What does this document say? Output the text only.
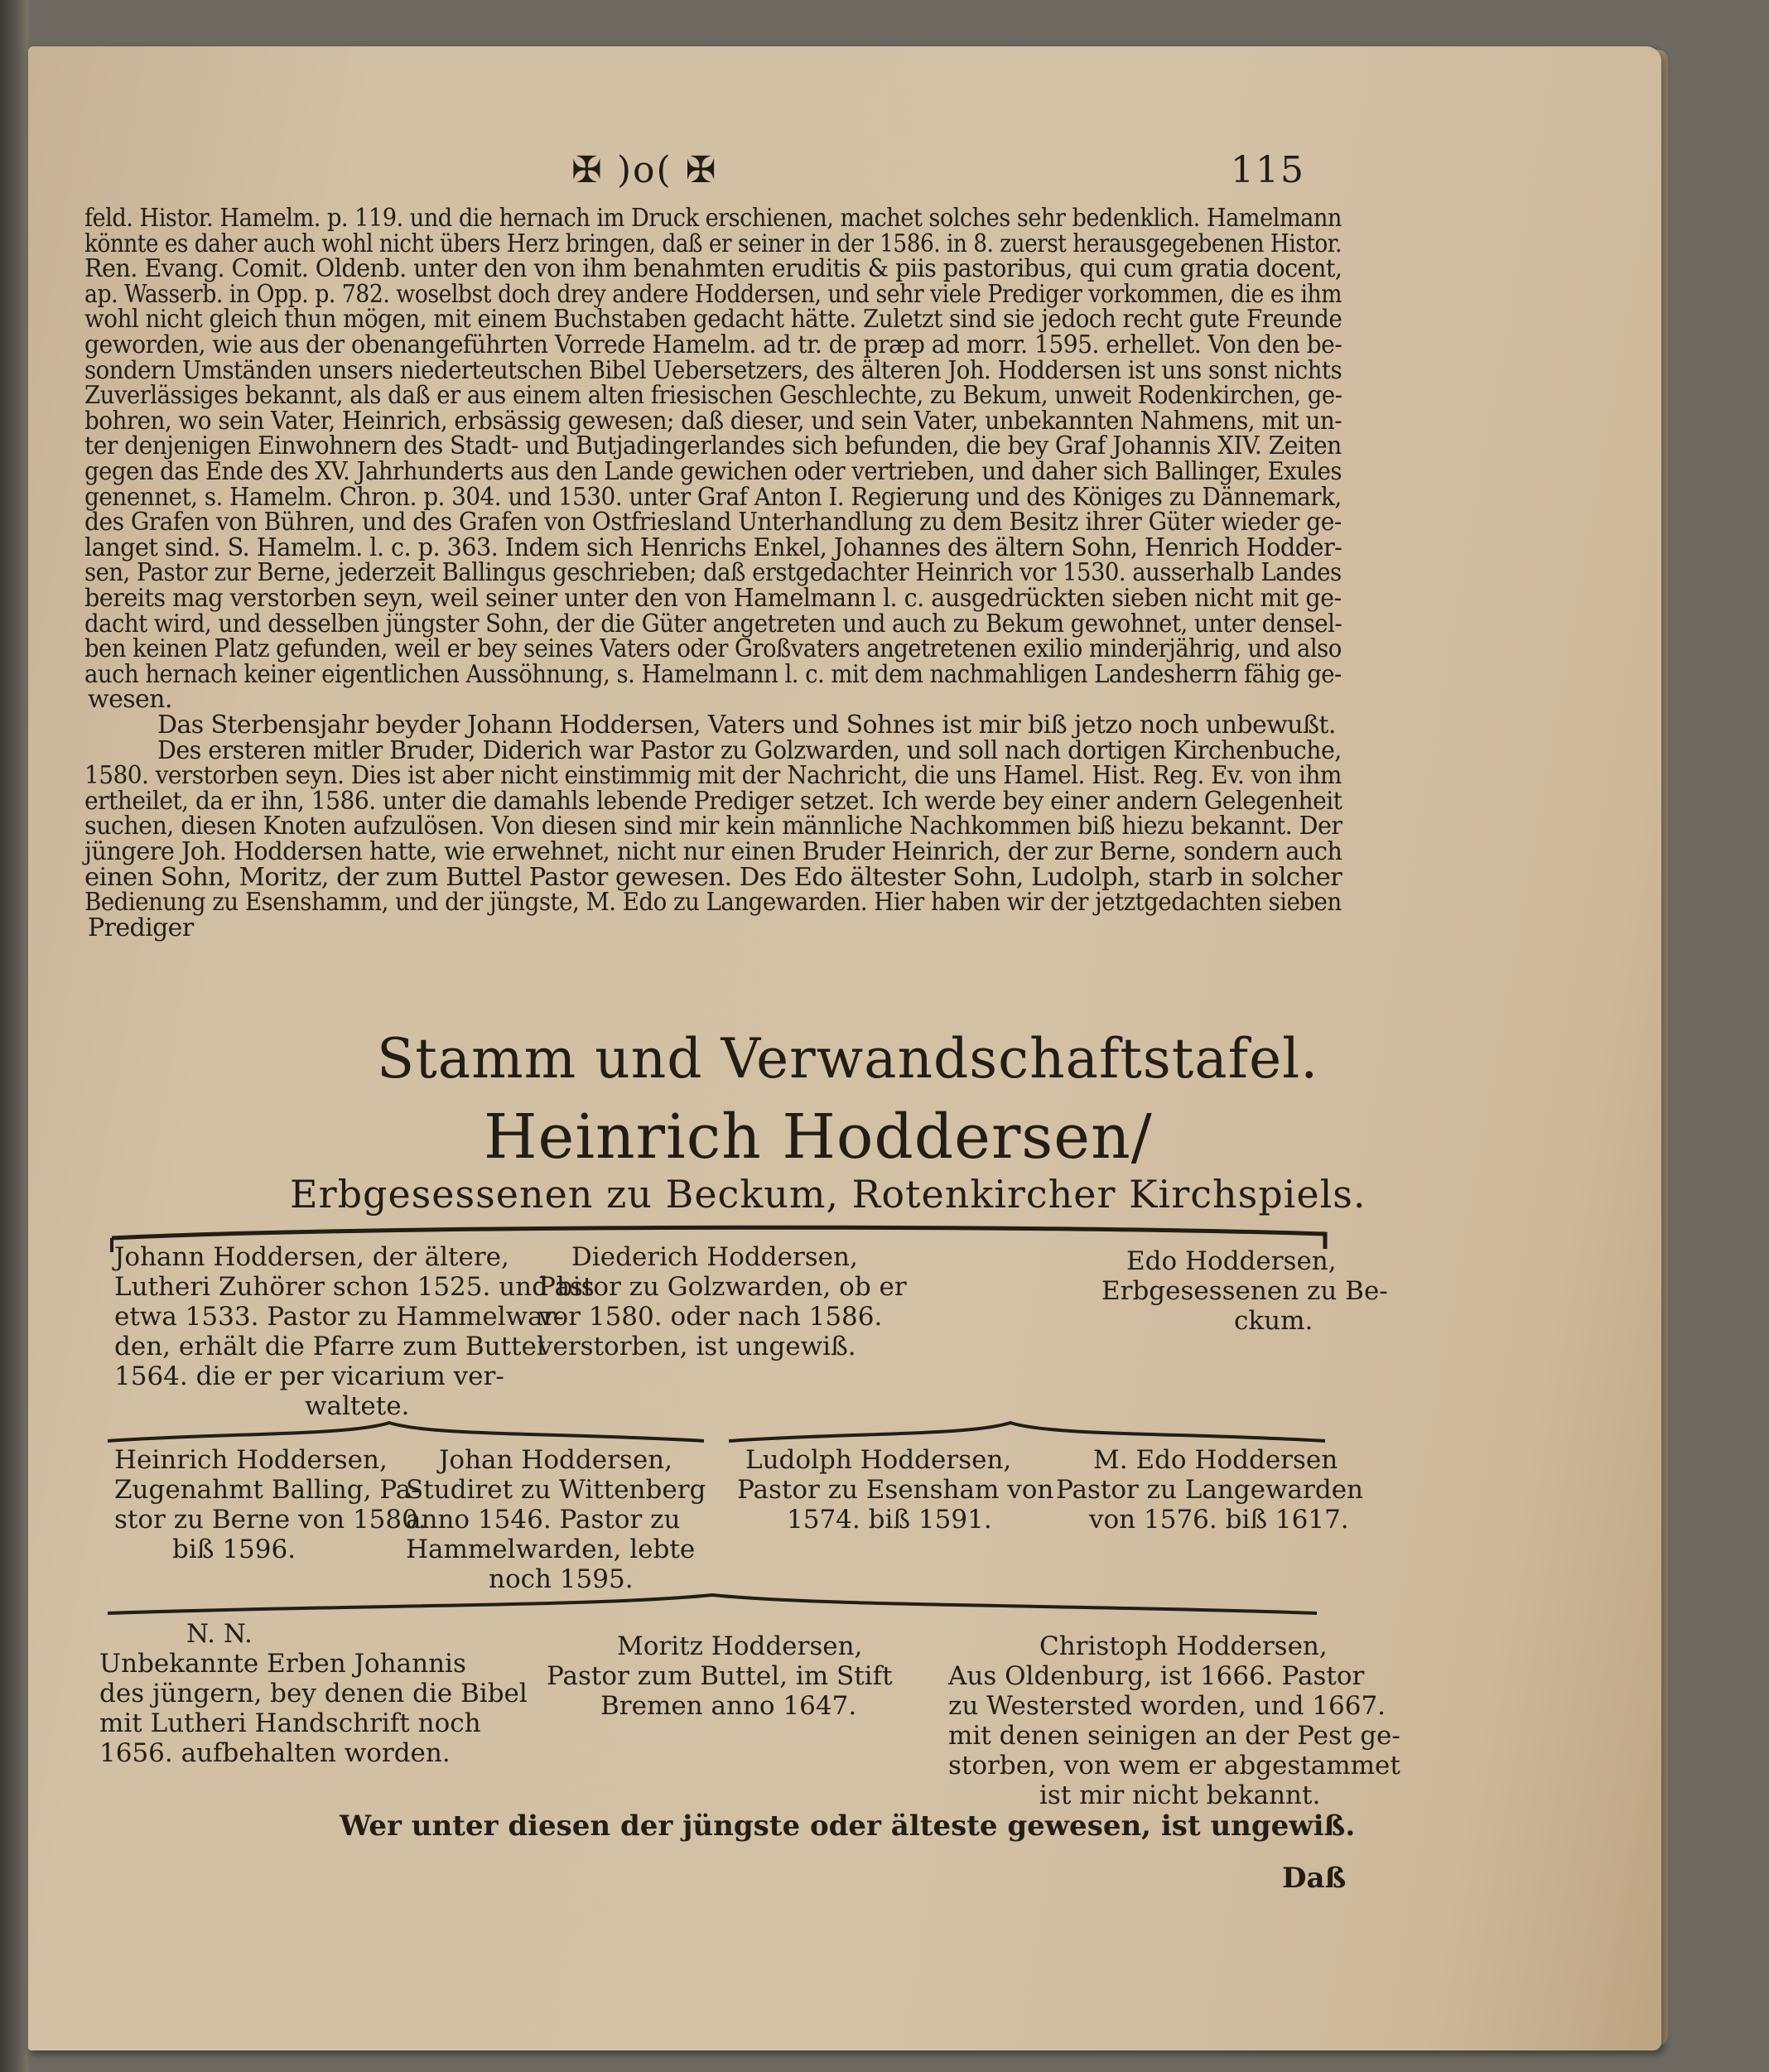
✠ )o( ✠	115
feld. Histor. Hamelm. p. 119. und die hernach im Druck erschienen, machet solches sehr bedenklich. Hamelmann
könnte es daher auch wohl nicht übers Herz bringen, daß er seiner in der 1586. in 8. zuerst herausgegebenen Histor.
Ren. Evang. Comit. Oldenb. unter den von ihm benahmten eruditis & piis pastoribus, qui cum gratia docent,
ap. Wasserb. in Opp. p. 782. woselbst doch drey andere Hoddersen, und sehr viele Prediger vorkommen, die es ihm
wohl nicht gleich thun mögen, mit einem Buchstaben gedacht hätte. Zuletzt sind sie jedoch recht gute Freunde
geworden, wie aus der obenangeführten Vorrede Hamelm. ad tr. de præp ad morr. 1595. erhellet. Von den be-
sondern Umständen unsers niederteutschen Bibel Uebersetzers, des älteren Joh. Hoddersen ist uns sonst nichts
Zuverlässiges bekannt, als daß er aus einem alten friesischen Geschlechte, zu Bekum, unweit Rodenkirchen, ge-
bohren, wo sein Vater, Heinrich, erbsässig gewesen; daß dieser, und sein Vater, unbekannten Nahmens, mit un-
ter denjenigen Einwohnern des Stadt- und Butjadingerlandes sich befunden, die bey Graf Johannis XIV. Zeiten
gegen das Ende des XV. Jahrhunderts aus den Lande gewichen oder vertrieben, und daher sich Ballinger, Exules
genennet, s. Hamelm. Chron. p. 304. und 1530. unter Graf Anton I. Regierung und des Königes zu Dännemark,
des Grafen von Bühren, und des Grafen von Ostfriesland Unterhandlung zu dem Besitz ihrer Güter wieder ge-
langet sind. S. Hamelm. l. c. p. 363. Indem sich Henrichs Enkel, Johannes des ältern Sohn, Henrich Hodder-
sen, Pastor zur Berne, jederzeit Ballingus geschrieben; daß erstgedachter Heinrich vor 1530. ausserhalb Landes
bereits mag verstorben seyn, weil seiner unter den von Hamelmann l. c. ausgedrückten sieben nicht mit ge-
dacht wird, und desselben jüngster Sohn, der die Güter angetreten und auch zu Bekum gewohnet, unter densel-
ben keinen Platz gefunden, weil er bey seines Vaters oder Großvaters angetretenen exilio minderjährig, und also
auch hernach keiner eigentlichen Aussöhnung, s. Hamelmann l. c. mit dem nachmahligen Landesherrn fähig ge-
wesen.
Das Sterbensjahr beyder Johann Hoddersen, Vaters und Sohnes ist mir biß jetzo noch unbewußt.
Des ersteren mitler Bruder, Diderich war Pastor zu Golzwarden, und soll nach dortigen Kirchenbuche,
1580. verstorben seyn. Dies ist aber nicht einstimmig mit der Nachricht, die uns Hamel. Hist. Reg. Ev. von ihm
ertheilet, da er ihn, 1586. unter die damahls lebende Prediger setzet. Ich werde bey einer andern Gelegenheit
suchen, diesen Knoten aufzulösen. Von diesen sind mir kein männliche Nachkommen biß hiezu bekannt. Der
jüngere Joh. Hoddersen hatte, wie erwehnet, nicht nur einen Bruder Heinrich, der zur Berne, sondern auch
einen Sohn, Moritz, der zum Buttel Pastor gewesen. Des Edo ältester Sohn, Ludolph, starb in solcher
Bedienung zu Esenshamm, und der jüngste, M. Edo zu Langewarden. Hier haben wir der jetztgedachten sieben
Prediger
Stamm und Verwandschaftstafel.
Heinrich Hoddersen/
Erbgesessenen zu Beckum, Rotenkircher Kirchspiels.
Johann Hoddersen, der ältere,
Lutheri Zuhörer schon 1525. und bis
etwa 1533. Pastor zu Hammelwar-
den, erhält die Pfarre zum Buttel
1564. die er per vicarium ver-
waltete.
Diederich Hoddersen,
Pastor zu Golzwarden, ob er
vor 1580. oder nach 1586.
verstorben, ist ungewiß.
Edo Hoddersen,
Erbgesessenen zu Be-
ckum.
Heinrich Hoddersen,
Zugenahmt Balling, Pa-
stor zu Berne von 1580.
biß 1596.
Johan Hoddersen,
Studiret zu Wittenberg
anno 1546. Pastor zu
Hammelwarden, lebte
noch 1595.
Ludolph Hoddersen,
Pastor zu Esensham von
1574. biß 1591.
M. Edo Hoddersen
Pastor zu Langewarden
von 1576. biß 1617.
N. N.
Unbekannte Erben Johannis
des jüngern, bey denen die Bibel
mit Lutheri Handschrift noch
1656. aufbehalten worden.
Moritz Hoddersen,
Pastor zum Buttel, im Stift
Bremen anno 1647.
Christoph Hoddersen,
Aus Oldenburg, ist 1666. Pastor
zu Westersted worden, und 1667.
mit denen seinigen an der Pest ge-
storben, von wem er abgestammet
ist mir nicht bekannt.
Wer unter diesen der jüngste oder älteste gewesen, ist ungewiß.
Daß
